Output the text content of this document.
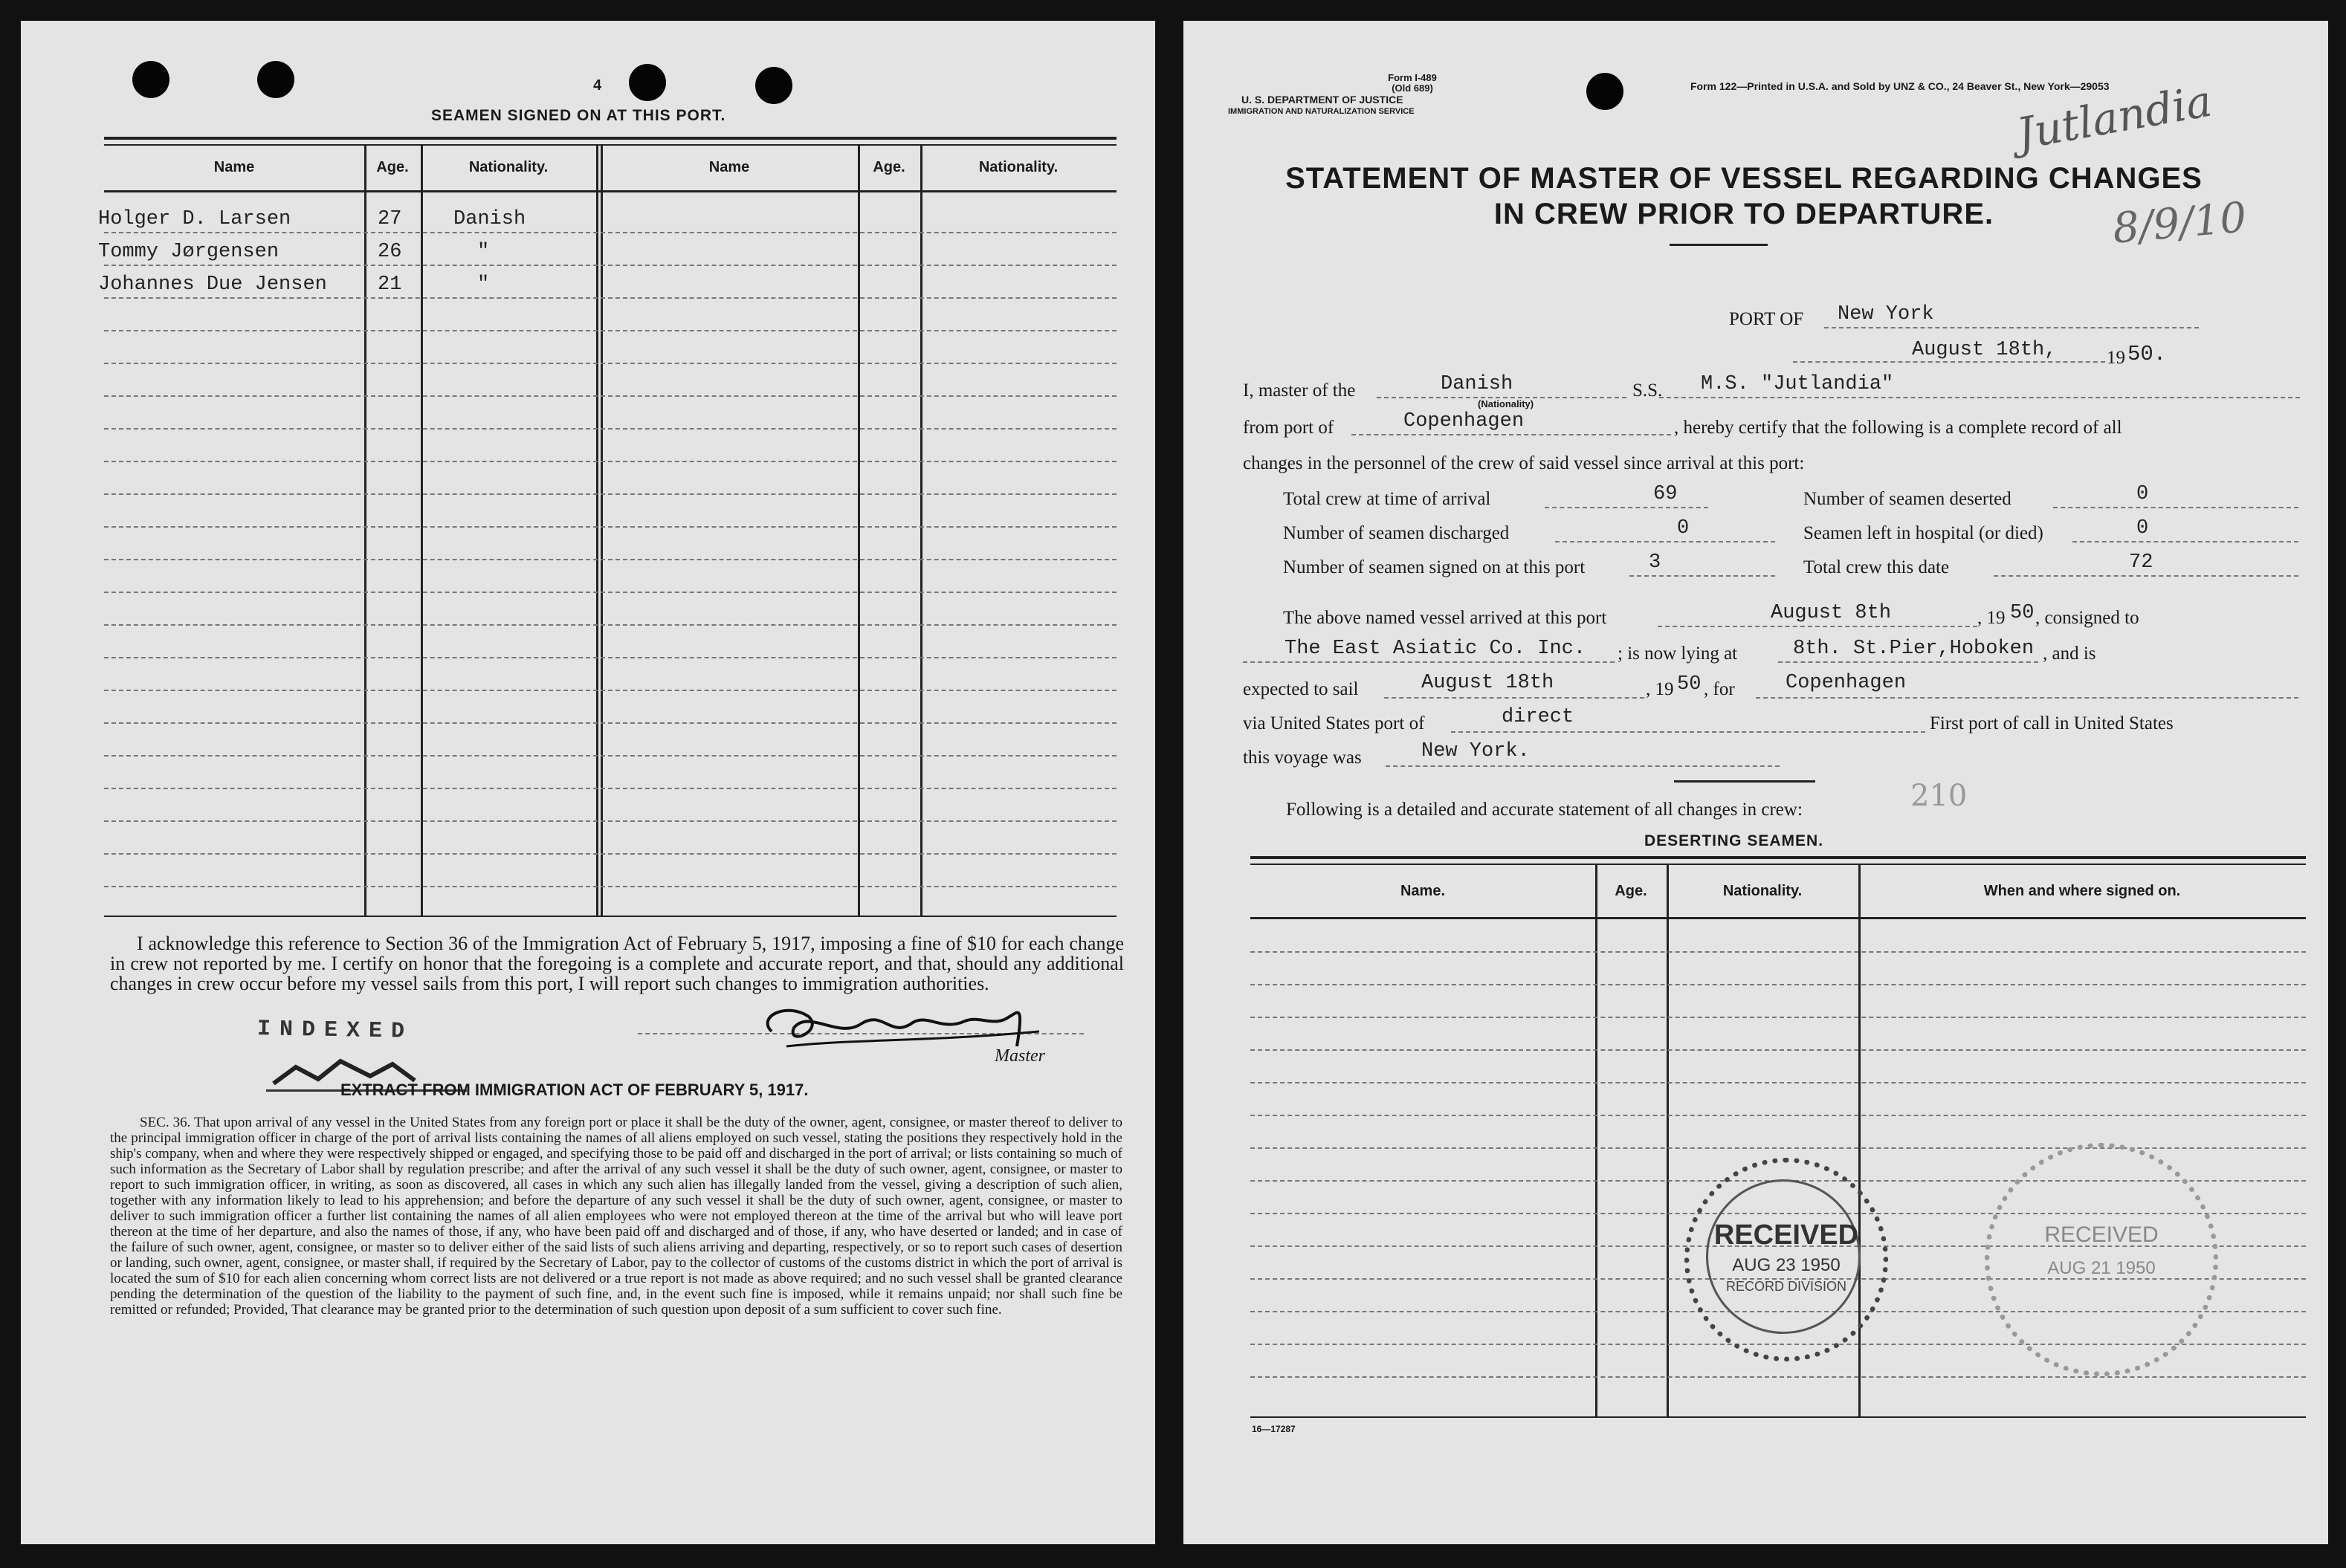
4
SEAMEN SIGNED ON AT THIS PORT.
Name	Age.	Nationality.	Name	Age.	Nationality.
Holger D. Larsen	27	Danish
Tommy Jørgensen	26	"
Johannes Due Jensen	21	"
I acknowledge this reference to Section 36 of the Immigration Act of February 5, 1917, imposing a fine of $10 for each change in crew not reported by me. I certify on honor that the foregoing is a complete and accurate report, and that, should any additional changes in crew occur before my vessel sails from this port, I will report such changes to immigration authorities.
INDEXED
Master
EXTRACT FROM IMMIGRATION ACT OF FEBRUARY 5, 1917.
SEC. 36. That upon arrival of any vessel in the United States from any foreign port or place it shall be the duty of the owner, agent, consignee, or master thereof to deliver to the principal immigration officer in charge of the port of arrival lists containing the names of all aliens employed on such vessel, stating the positions they respectively hold in the ship's company, when and where they were respectively shipped or engaged, and specifying those to be paid off and discharged in the port of arrival; or lists containing so much of such information as the Secretary of Labor shall by regulation prescribe; and after the arrival of any such vessel it shall be the duty of such owner, agent, consignee, or master to report to such immigration officer, in writing, as soon as discovered, all cases in which any such alien has illegally landed from the vessel, giving a description of such alien, together with any information likely to lead to his apprehension; and before the departure of any such vessel it shall be the duty of such owner, agent, consignee, or master to deliver to such immigration officer a further list containing the names of all alien employees who were not employed thereon at the time of the arrival but who will leave port thereon at the time of her departure, and also the names of those, if any, who have been paid off and discharged and of those, if any, who have deserted or landed; and in case of the failure of such owner, agent, consignee, or master so to deliver either of the said lists of such aliens arriving and departing, respectively, or so to report such cases of desertion or landing, such owner, agent, consignee, or master shall, if required by the Secretary of Labor, pay to the collector of customs of the customs district in which the port of arrival is located the sum of $10 for each alien concerning whom correct lists are not delivered or a true report is not made as above required; and no such vessel shall be granted clearance pending the determination of the question of the liability to the payment of such fine, and, in the event such fine is imposed, while it remains unpaid; nor shall such fine be remitted or refunded; Provided, That clearance may be granted prior to the determination of such question upon deposit of a sum sufficient to cover such fine.
Form I-489
(Old 689)
U. S. DEPARTMENT OF JUSTICE
IMMIGRATION AND NATURALIZATION SERVICE
Form 122—Printed in U.S.A. and Sold by UNZ & CO., 24 Beaver St., New York—29053
Jutlandia
8/9/10
STATEMENT OF MASTER OF VESSEL REGARDING CHANGES
IN CREW PRIOR TO DEPARTURE.
PORT OF New York
August 18th,	19 50.
I, master of the	Danish
(Nationality)
S.S. M.S. "Jutlandia"
from port of	Copenhagen	, hereby certify that the following is a complete record of all
changes in the personnel of the crew of said vessel since arrival at this port:
Total crew at time of arrival	69	Number of seamen deserted	0
Number of seamen discharged	0	Seamen left in hospital (or died)	0
Number of seamen signed on at this port	3	Total crew this date	72
The above named vessel arrived at this port	August 8th	, 19 50 , consigned to
The East Asiatic Co. Inc. ; is now lying at	8th. St.Pier,Hoboken , and is
expected to sail	August 18th	, 19 50 , for	Copenhagen
via United States port of	direct	First port of call in United States
this voyage was	New York.
Following is a detailed and accurate statement of all changes in crew:	210
DESERTING SEAMEN.
Name.	Age.	Nationality.	When and where signed on.
RECEIVED
AUG 23 1950
RECORD DIVISION
RECEIVED
AUG 21 1950
16—17287
